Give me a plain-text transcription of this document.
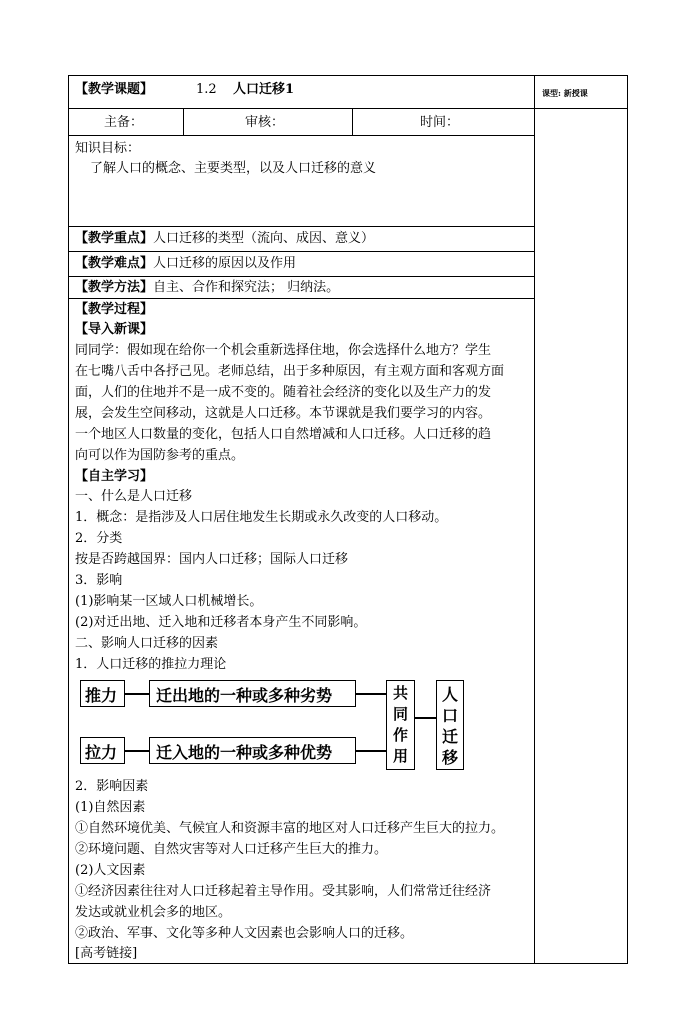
【教学课题】	1.2 人口迁移1	课型: 新授课
主备：	审核：	时间：
知识目标：
了解人口的概念、主要类型，以及人口迁移的意义
【教学重点】人口迁移的类型（流向、成因、意义）
【教学难点】人口迁移的原因以及作用
【教学方法】自主、合作和探究法； 归纳法。
【教学过程】
【导入新课】
同同学：假如现在给你一个机会重新选择住地，你会选择什么地方？学生
在七嘴八舌中各抒己见。老师总结，出于多种原因，有主观方面和客观方面
面，人们的住地并不是一成不变的。随着社会经济的变化以及生产力的发
展，会发生空间移动，这就是人口迁移。本节课就是我们要学习的内容。
一个地区人口数量的变化，包括人口自然增减和人口迁移。人口迁移的趋
向可以作为国防参考的重点。
【自主学习】
一、什么是人口迁移
1．概念：是指涉及人口居住地发生长期或永久改变的人口移动。
2．分类
按是否跨越国界：国内人口迁移；国际人口迁移
3．影响
(1)影响某一区域人口机械增长。
(2)对迁出地、迁入地和迁移者本身产生不同影响。
二、影响人口迁移的因素
1．人口迁移的推拉力理论
推力 迁出地的一种或多种劣势
拉力 迁入地的一种或多种优势
共
同
作
用
人
口
迁
移
2．影响因素
(1)自然因素
①自然环境优美、气候宜人和资源丰富的地区对人口迁移产生巨大的拉力。
②环境问题、自然灾害等对人口迁移产生巨大的推力。
(2)人文因素
①经济因素往往对人口迁移起着主导作用。受其影响，人们常常迁往经济
发达或就业机会多的地区。
②政治、军事、文化等多种人文因素也会影响人口的迁移。
[高考链接]
